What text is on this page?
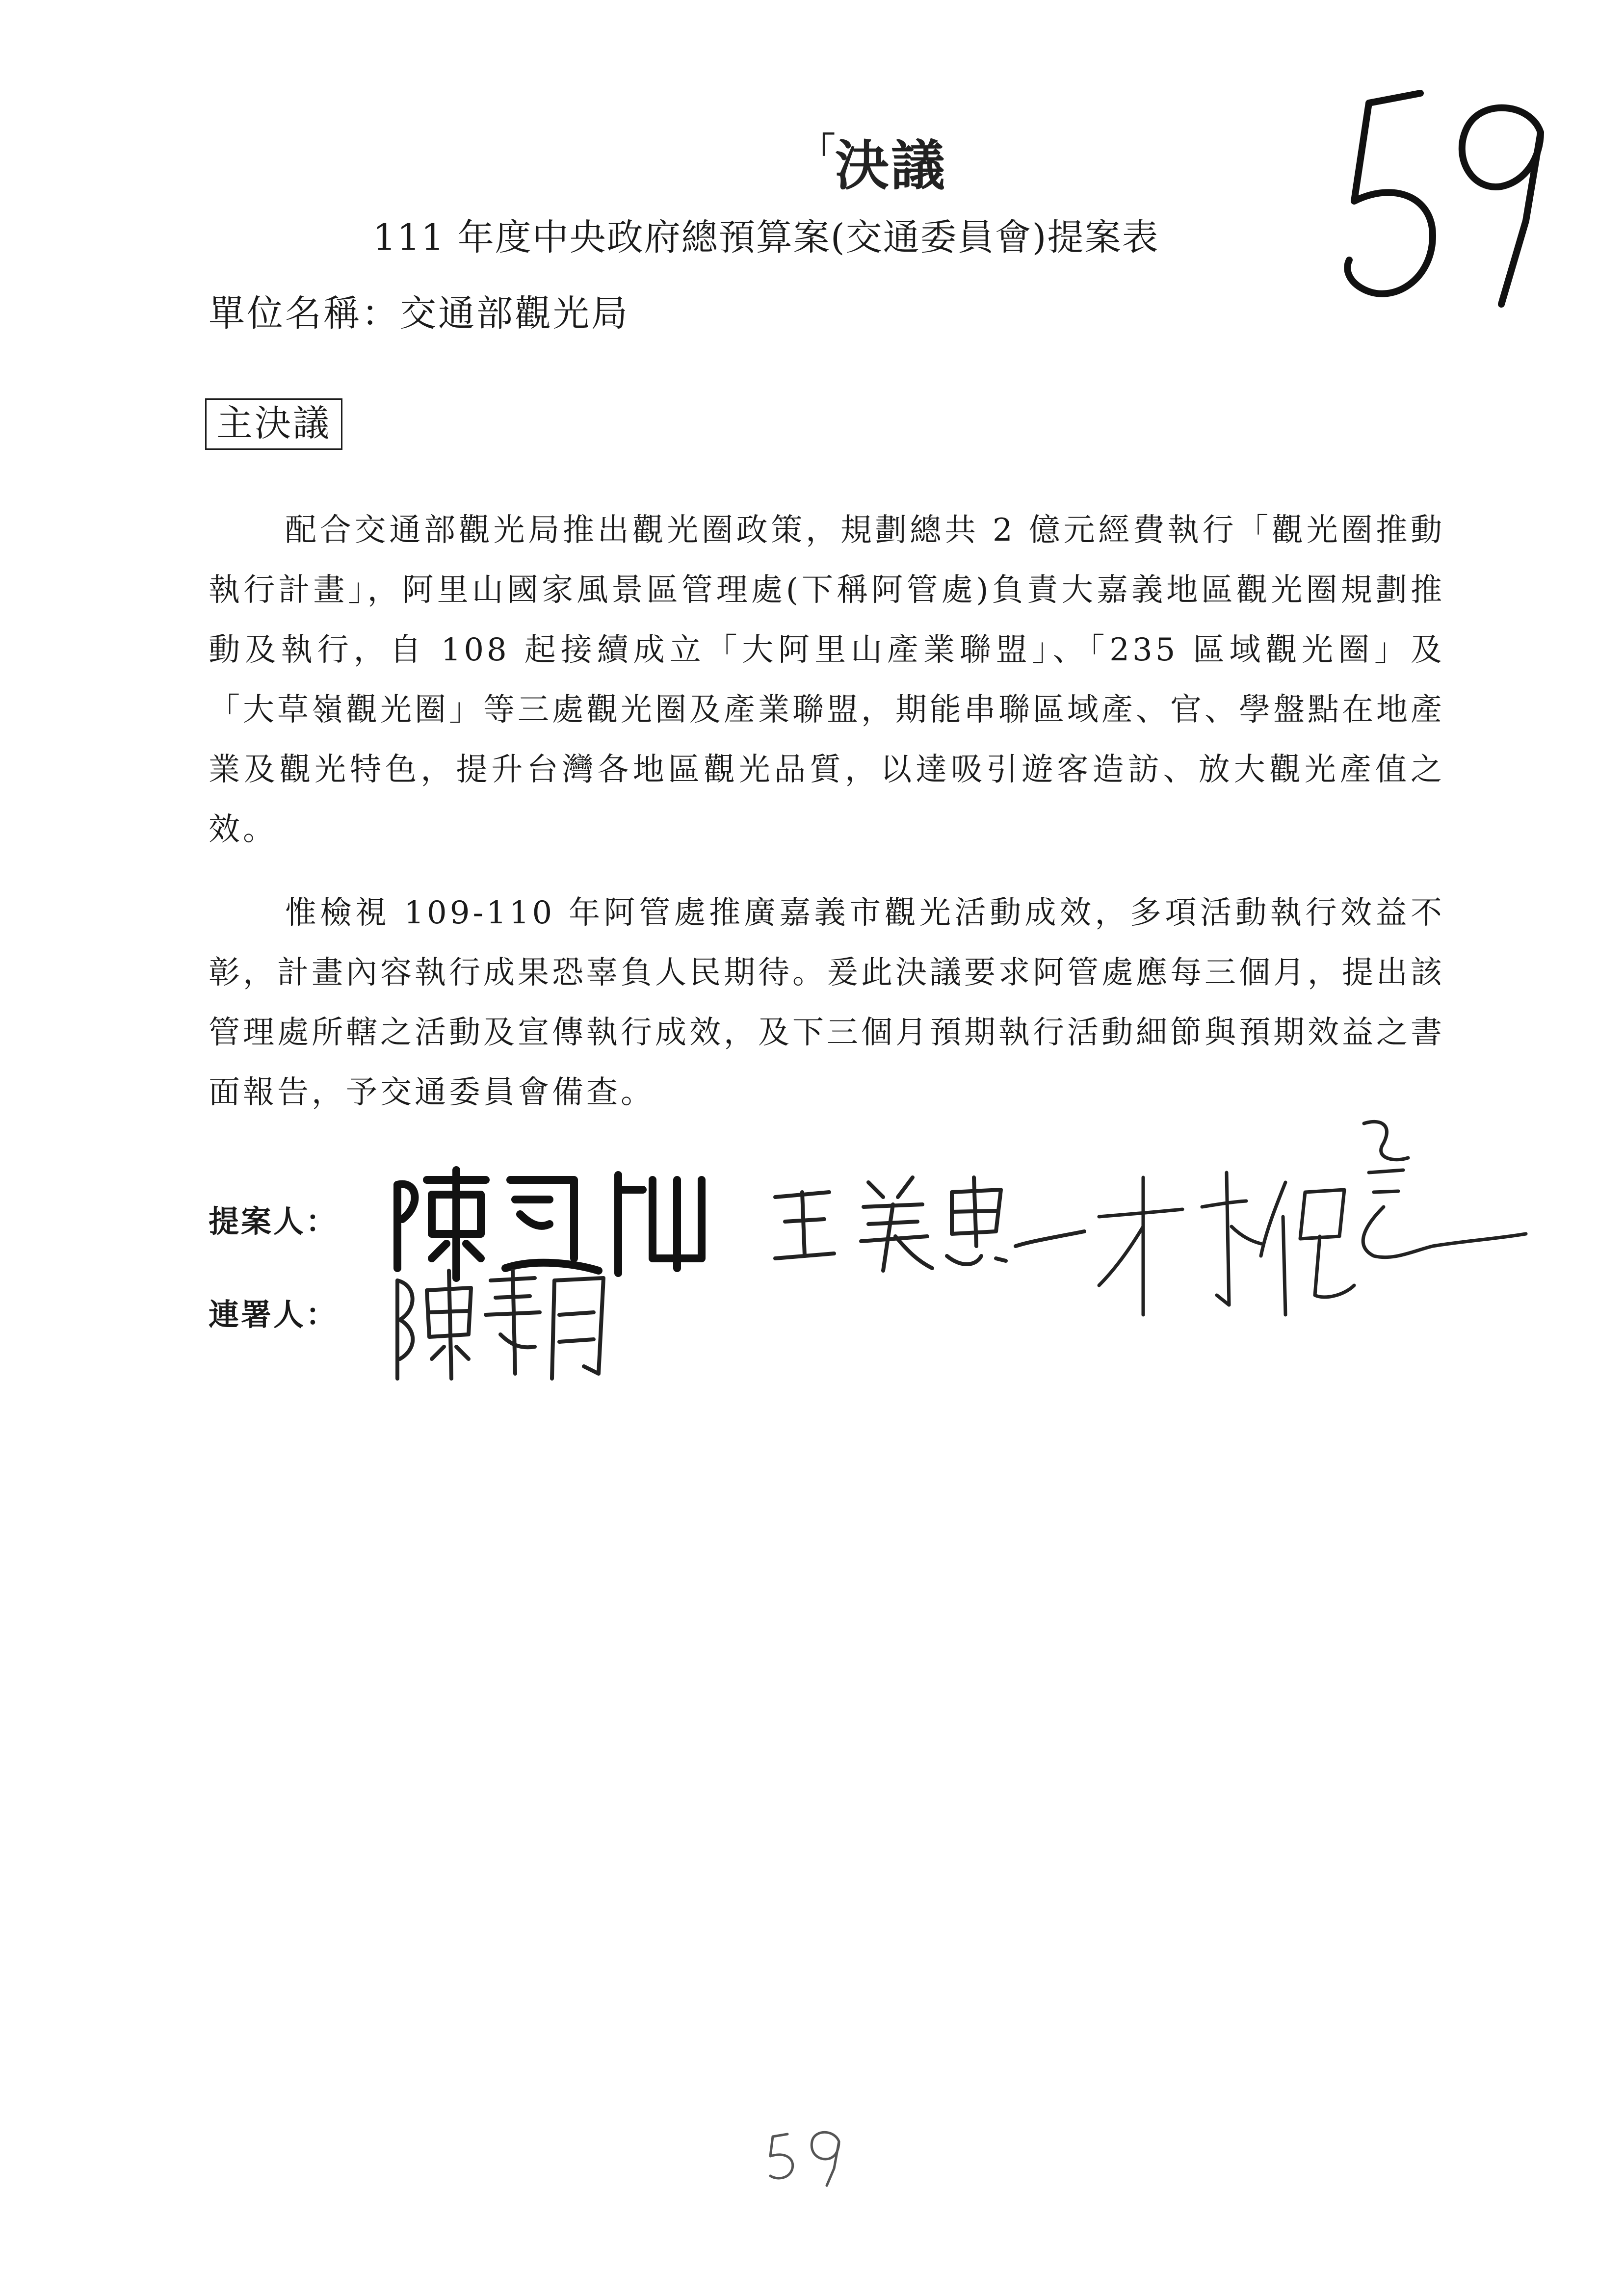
「決議
111 年度中央政府總預算案(交通委員會)提案表
單位名稱：交通部觀光局
主決議

配合交通部觀光局推出觀光圈政策，規劃總共 2 億元經費執行「觀光圈推動執行計畫」，阿里山國家風景區管理處(下稱阿管處)負責大嘉義地區觀光圈規劃推動及執行，自 108 起接續成立「大阿里山產業聯盟」、「235 區域觀光圈」及「大草嶺觀光圈」等三處觀光圈及產業聯盟，期能串聯區域產、官、學盤點在地產業及觀光特色，提升台灣各地區觀光品質，以達吸引遊客造訪、放大觀光產值之效。

惟檢視 109-110 年阿管處推廣嘉義市觀光活動成效，多項活動執行效益不彰，計畫內容執行成果恐辜負人民期待。爰此決議要求阿管處應每三個月，提出該管理處所轄之活動及宣傳執行成效，及下三個月預期執行活動細節與預期效益之書面報告，予交通委員會備查。

提案人：
連署人：
